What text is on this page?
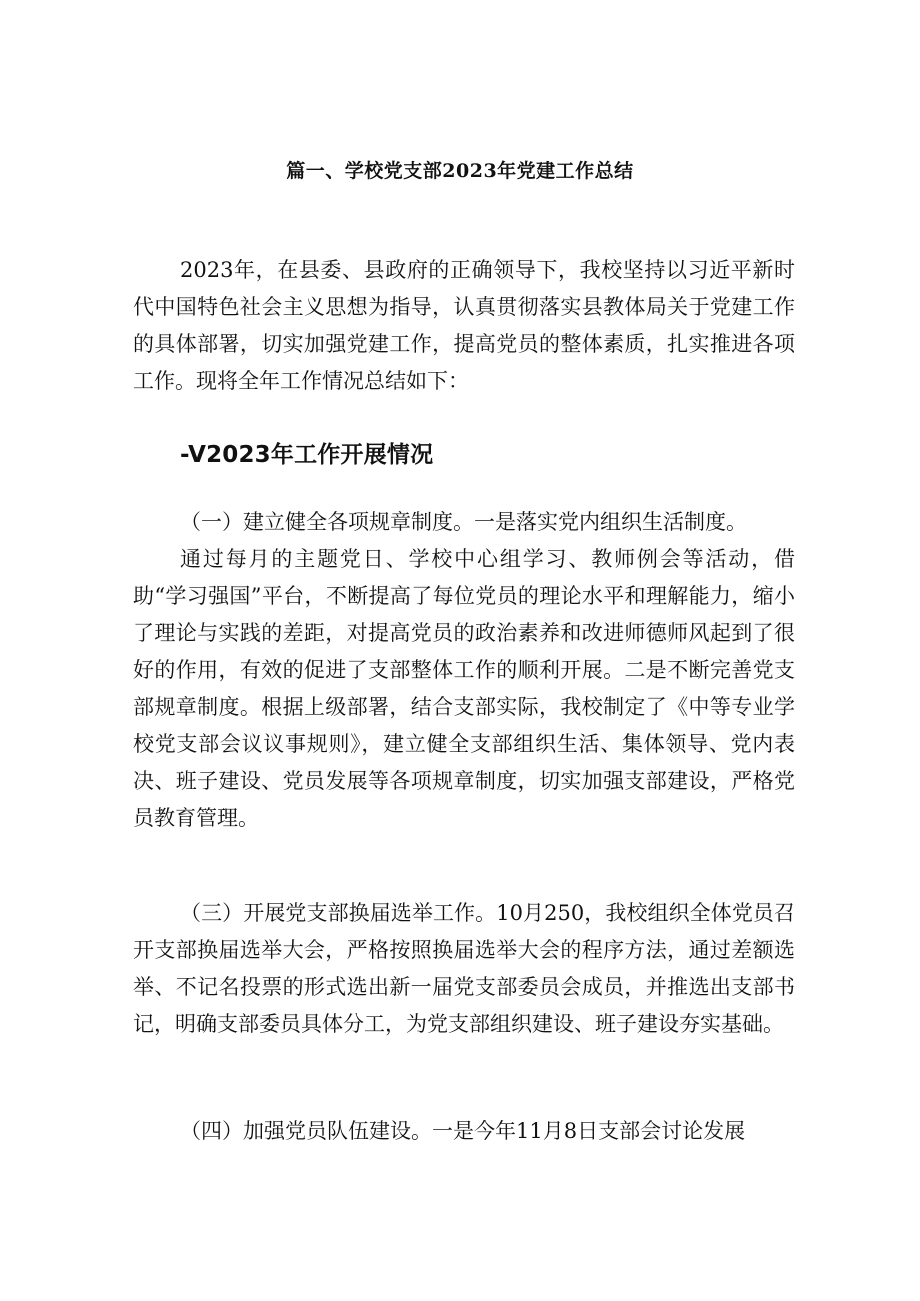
篇一、学校党支部2023年党建工作总结

2023年，在县委、县政府的正确领导下，我校坚持以习近平新时代中国特色社会主义思想为指导，认真贯彻落实县教体局关于党建工作的具体部署，切实加强党建工作，提高党员的整体素质，扎实推进各项工作。现将全年工作情况总结如下：

-V2023年工作开展情况

（一）建立健全各项规章制度。一是落实党内组织生活制度。

通过每月的主题党日、学校中心组学习、教师例会等活动，借助“学习强国”平台，不断提高了每位党员的理论水平和理解能力，缩小了理论与实践的差距，对提高党员的政治素养和改进师德师风起到了很好的作用，有效的促进了支部整体工作的顺利开展。二是不断完善党支部规章制度。根据上级部署，结合支部实际，我校制定了《中等专业学校党支部会议议事规则》，建立健全支部组织生活、集体领导、党内表决、班子建设、党员发展等各项规章制度，切实加强支部建设，严格党员教育管理。

（三）开展党支部换届选举工作。10月250，我校组织全体党员召开支部换届选举大会，严格按照换届选举大会的程序方法，通过差额选举、不记名投票的形式选出新一届党支部委员会成员，并推选出支部书记，明确支部委员具体分工，为党支部组织建设、班子建设夯实基础。

（四）加强党员队伍建设。一是今年11月8日支部会讨论发展
